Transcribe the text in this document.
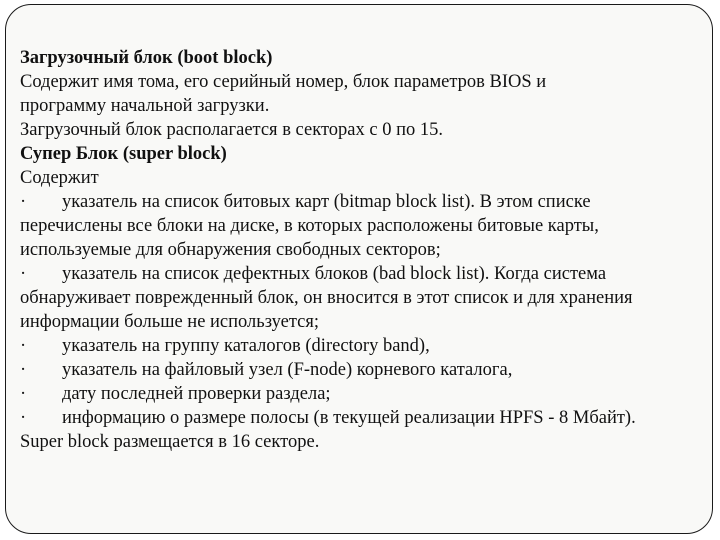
Загрузочный блок (boot block)
Содержит имя тома, его серийный номер, блок параметров BIOS и
программу начальной загрузки.
Загрузочный блок располагается в секторах с 0 по 15.
Супер Блок (super block)
Содержит
· указатель на список битовых карт (bitmap block list). В этом списке
перечислены все блоки на диске, в которых расположены битовые карты,
используемые для обнаружения свободных секторов;
· указатель на список дефектных блоков (bad block list). Когда система
обнаруживает поврежденный блок, он вносится в этот список и для хранения
информации больше не используется;
· указатель на группу каталогов (directory band),
· указатель на файловый узел (F-node) корневого каталога,
· дату последней проверки раздела;
· информацию о размере полосы (в текущей реализации HPFS - 8 Мбайт).
Super block размещается в 16 секторе.
